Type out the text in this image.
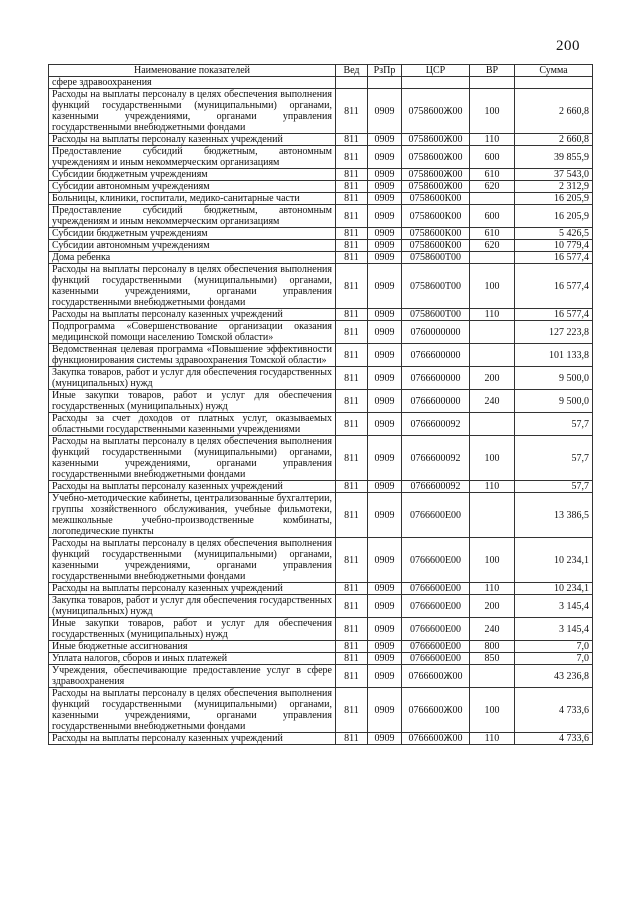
200
Наименование показателей	Вед	РзПр	ЦСР	ВР	Сумма
сфере здравоохранения					
Расходы на выплаты персоналу в целях обеспечения выполнения функций государственными (муниципальными) органами, казенными учреждениями, органами управления государственными внебюджетными фондами	811	0909	0758600Ж00	100	2 660,8
Расходы на выплаты персоналу казенных учреждений	811	0909	0758600Ж00	110	2 660,8
Предоставление субсидий бюджетным, автономным учреждениям и иным некоммерческим организациям	811	0909	0758600Ж00	600	39 855,9
Субсидии бюджетным учреждениям	811	0909	0758600Ж00	610	37 543,0
Субсидии автономным учреждениям	811	0909	0758600Ж00	620	2 312,9
Больницы, клиники, госпитали, медико-санитарные части	811	0909	0758600К00		16 205,9
Предоставление субсидий бюджетным, автономным учреждениям и иным некоммерческим организациям	811	0909	0758600К00	600	16 205,9
Субсидии бюджетным учреждениям	811	0909	0758600К00	610	5 426,5
Субсидии автономным учреждениям	811	0909	0758600К00	620	10 779,4
Дома ребенка	811	0909	0758600Т00		16 577,4
Расходы на выплаты персоналу в целях обеспечения выполнения функций государственными (муниципальными) органами, казенными учреждениями, органами управления государственными внебюджетными фондами	811	0909	0758600Т00	100	16 577,4
Расходы на выплаты персоналу казенных учреждений	811	0909	0758600Т00	110	16 577,4
Подпрограмма «Совершенствование организации оказания медицинской помощи населению Томской области»	811	0909	0760000000		127 223,8
Ведомственная целевая программа «Повышение эффективности функционирования системы здравоохранения Томской области»	811	0909	0766600000		101 133,8
Закупка товаров, работ и услуг для обеспечения государственных (муниципальных) нужд	811	0909	0766600000	200	9 500,0
Иные закупки товаров, работ и услуг для обеспечения государственных (муниципальных) нужд	811	0909	0766600000	240	9 500,0
Расходы за счет доходов от платных услуг, оказываемых областными государственными казенными учреждениями	811	0909	0766600092		57,7
Расходы на выплаты персоналу в целях обеспечения выполнения функций государственными (муниципальными) органами, казенными учреждениями, органами управления государственными внебюджетными фондами	811	0909	0766600092	100	57,7
Расходы на выплаты персоналу казенных учреждений	811	0909	0766600092	110	57,7
Учебно-методические кабинеты, централизованные бухгалтерии, группы хозяйственного обслуживания, учебные фильмотеки, межшкольные учебно-производственные комбинаты, логопедические пункты	811	0909	0766600Е00		13 386,5
Расходы на выплаты персоналу в целях обеспечения выполнения функций государственными (муниципальными) органами, казенными учреждениями, органами управления государственными внебюджетными фондами	811	0909	0766600Е00	100	10 234,1
Расходы на выплаты персоналу казенных учреждений	811	0909	0766600Е00	110	10 234,1
Закупка товаров, работ и услуг для обеспечения государственных (муниципальных) нужд	811	0909	0766600Е00	200	3 145,4
Иные закупки товаров, работ и услуг для обеспечения государственных (муниципальных) нужд	811	0909	0766600Е00	240	3 145,4
Иные бюджетные ассигнования	811	0909	0766600Е00	800	7,0
Уплата налогов, сборов и иных платежей	811	0909	0766600Е00	850	7,0
Учреждения, обеспечивающие предоставление услуг в сфере здравоохранения	811	0909	0766600Ж00		43 236,8
Расходы на выплаты персоналу в целях обеспечения выполнения функций государственными (муниципальными) органами, казенными учреждениями, органами управления государственными внебюджетными фондами	811	0909	0766600Ж00	100	4 733,6
Расходы на выплаты персоналу казенных учреждений	811	0909	0766600Ж00	110	4 733,6
